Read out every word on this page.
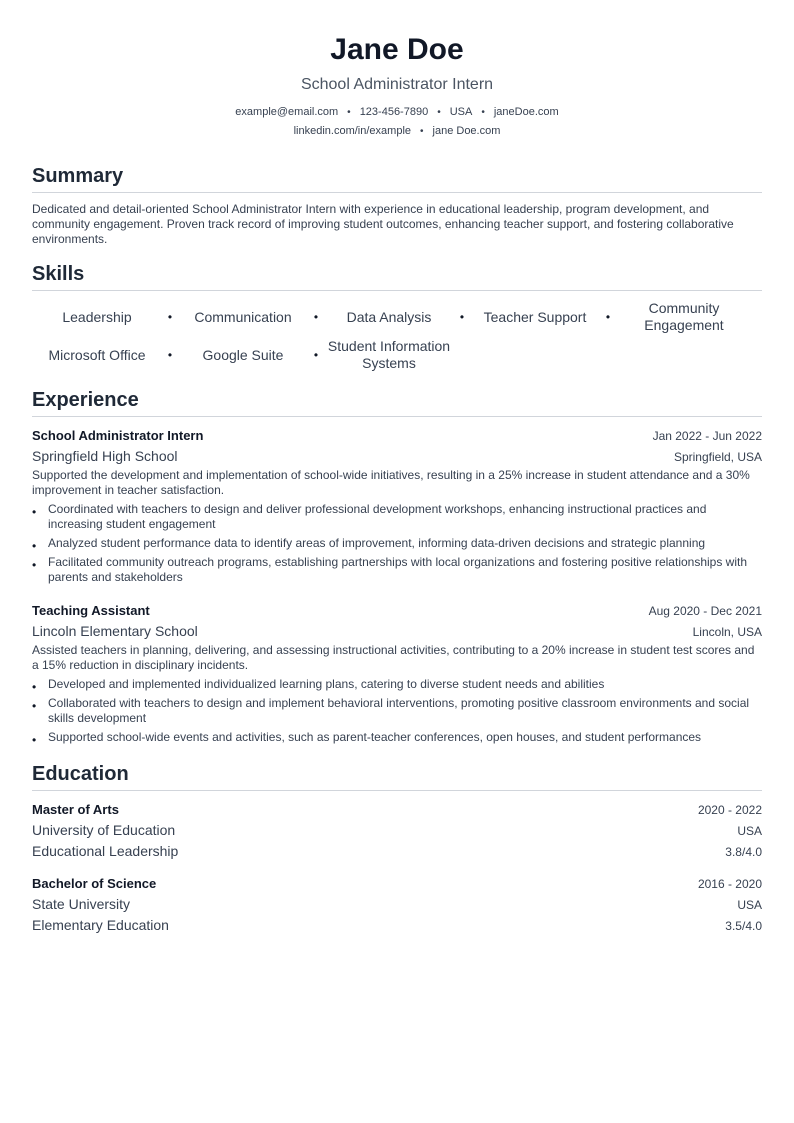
Jane Doe
School Administrator Intern
example@email.com • 123-456-7890 • USA • janeDoe.com
linkedin.com/in/example • jane Doe.com
Summary
Dedicated and detail-oriented School Administrator Intern with experience in educational leadership, program development, and community engagement. Proven track record of improving student outcomes, enhancing teacher support, and fostering collaborative environments.
Skills
Leadership	•	Communication	•	Data Analysis	•	Teacher Support	•
Community Engagement
Microsoft Office	•	Google Suite	•
Student Information Systems
Experience
School Administrator Intern	Jan 2022 - Jun 2022
Springfield High School	Springfield, USA
Supported the development and implementation of school-wide initiatives, resulting in a 25% increase in student attendance and a 30% improvement in teacher satisfaction.
• Coordinated with teachers to design and deliver professional development workshops, enhancing instructional practices and increasing student engagement
• Analyzed student performance data to identify areas of improvement, informing data-driven decisions and strategic planning
• Facilitated community outreach programs, establishing partnerships with local organizations and fostering positive relationships with parents and stakeholders
Teaching Assistant	Aug 2020 - Dec 2021
Lincoln Elementary School	Lincoln, USA
Assisted teachers in planning, delivering, and assessing instructional activities, contributing to a 20% increase in student test scores and a 15% reduction in disciplinary incidents.
• Developed and implemented individualized learning plans, catering to diverse student needs and abilities
• Collaborated with teachers to design and implement behavioral interventions, promoting positive classroom environments and social skills development
• Supported school-wide events and activities, such as parent-teacher conferences, open houses, and student performances
Education
Master of Arts	2020 - 2022
University of Education	USA
Educational Leadership	3.8/4.0
Bachelor of Science	2016 - 2020
State University	USA
Elementary Education	3.5/4.0
